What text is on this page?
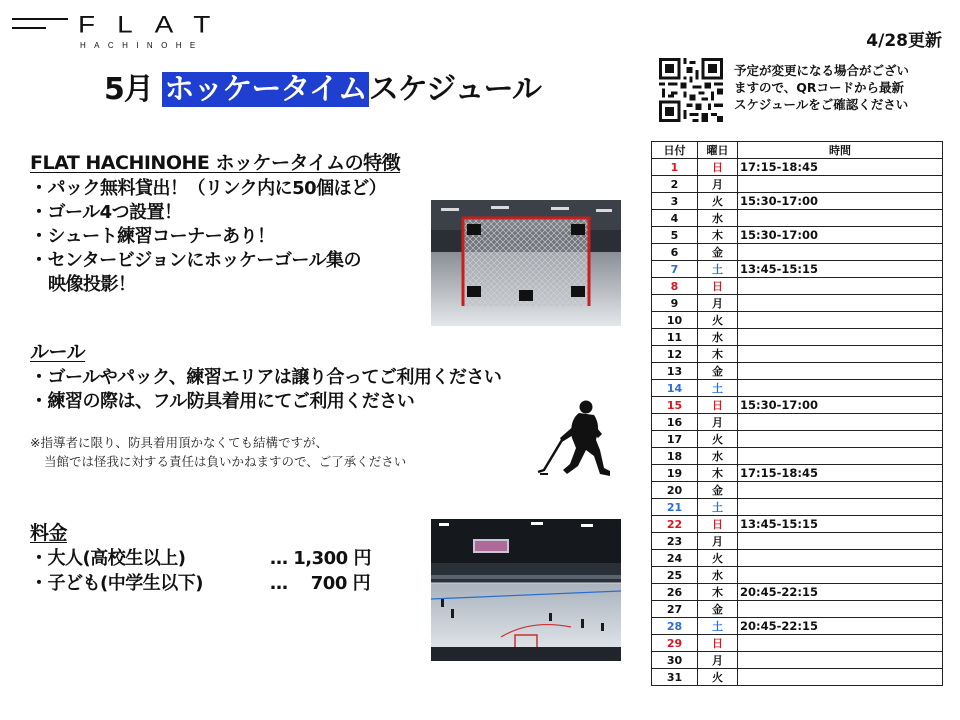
FLAT
HACHINOHE	4/28更新
5月 ホッケータイムスケジュール
予定が変更になる場合がござい
ますので、QRコードから最新
スケジュールをご確認ください
FLAT HACHINOHE ホッケータイムの特徴
・パック無料貸出！（リンク内に50個ほど）
・ゴール4つ設置！
・シュート練習コーナーあり！
・センタービジョンにホッケーゴール集の
映像投影！
ルール
・ゴールやパック、練習エリアは譲り合ってご利用ください
・練習の際は、フル防具着用にてご利用ください
※指導者に限り、防具着用頂かなくても結構ですが、
当館では怪我に対する責任は負いかねますので、ご了承ください
料金
・大人(高校生以上)	… 1,300 円
・子ども(中学生以下)	…　 700 円
日付	曜日	時間
1	日	17:15-18:45
2	月	
3	火	15:30-17:00
4	水	
5	木	15:30-17:00
6	金	
7	土	13:45-15:15
8	日	
9	月	
10	火	
11	水	
12	木	
13	金	
14	土	
15	日	15:30-17:00
16	月	
17	火	
18	水	
19	木	17:15-18:45
20	金	
21	土	
22	日	13:45-15:15
23	月	
24	火	
25	水	
26	木	20:45-22:15
27	金	
28	土	20:45-22:15
29	日	
30	月	
31	火	
